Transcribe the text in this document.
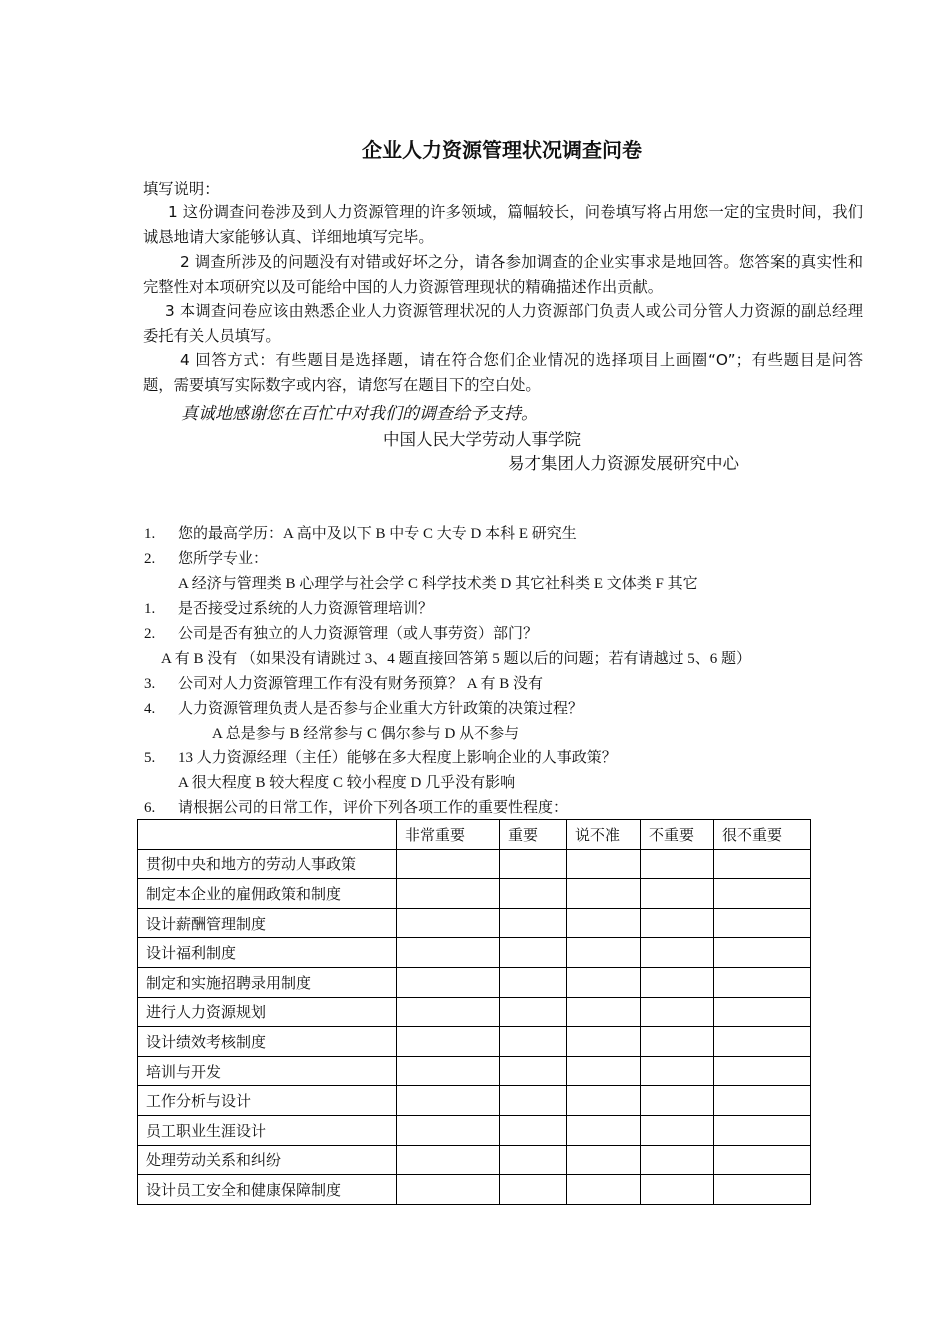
企业人力资源管理状况调查问卷
填写说明：
1 这份调查问卷涉及到人力资源管理的许多领域，篇幅较长，问卷填写将占用您一定的宝贵时间，我们诚恳地请大家能够认真、详细地填写完毕。
2 调查所涉及的问题没有对错或好坏之分，请各参加调查的企业实事求是地回答。您答案的真实性和完整性对本项研究以及可能给中国的人力资源管理现状的精确描述作出贡献。
3 本调查问卷应该由熟悉企业人力资源管理状况的人力资源部门负责人或公司分管人力资源的副总经理委托有关人员填写。
4 回答方式：有些题目是选择题，请在符合您们企业情况的选择项目上画圈“O”；有些题目是问答题，需要填写实际数字或内容，请您写在题目下的空白处。
真诚地感谢您在百忙中对我们的调查给予支持。
中国人民大学劳动人事学院
易才集团人力资源发展研究中心
1. 您的最高学历：A 高中及以下 B 中专 C 大专 D 本科 E 研究生
2. 您所学专业：
A 经济与管理类 B 心理学与社会学 C 科学技术类 D 其它社科类 E 文体类 F 其它
1. 是否接受过系统的人力资源管理培训？
2. 公司是否有独立的人力资源管理（或人事劳资）部门？
A 有 B 没有 （如果没有请跳过 3、4 题直接回答第 5 题以后的问题；若有请越过 5、6 题）
3. 公司对人力资源管理工作有没有财务预算？ A 有 B 没有
4. 人力资源管理负责人是否参与企业重大方针政策的决策过程？
A 总是参与 B 经常参与 C 偶尔参与 D 从不参与
5. 13 人力资源经理（主任）能够在多大程度上影响企业的人事政策？
A 很大程度 B 较大程度 C 较小程度 D 几乎没有影响
6. 请根据公司的日常工作，评价下列各项工作的重要性程度：
	非常重要	重要	说不准	不重要	很不重要
贯彻中央和地方的劳动人事政策					
制定本企业的雇佣政策和制度					
设计薪酬管理制度					
设计福利制度					
制定和实施招聘录用制度					
进行人力资源规划					
设计绩效考核制度					
培训与开发					
工作分析与设计					
员工职业生涯设计					
处理劳动关系和纠纷					
设计员工安全和健康保障制度					
